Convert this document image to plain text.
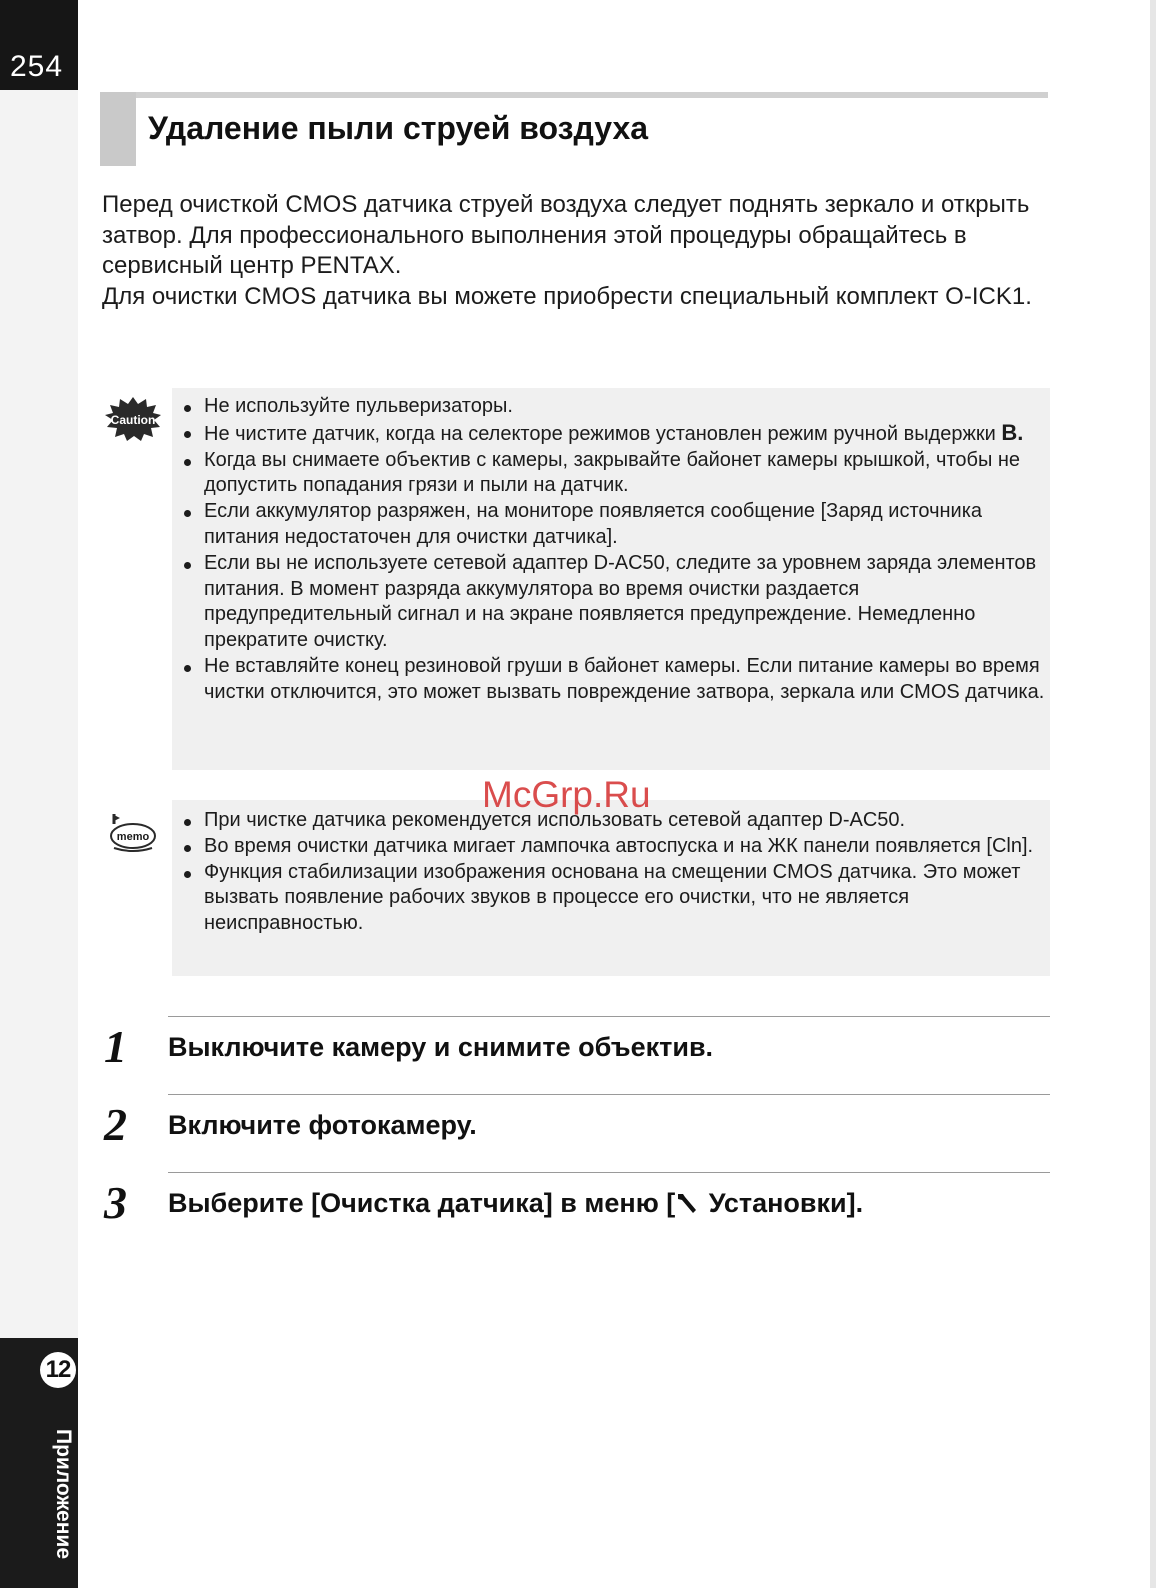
254
Удаление пыли струей воздуха

Перед очисткой CMOS датчика струей воздуха следует поднять зеркало и открыть затвор. Для профессионального выполнения этой процедуры обращайтесь в сервисный центр PENTAX.

Для очистки CMOS датчика вы можете приобрести специальный комплект O-ICK1.

Caution
Не используйте пульверизаторы.
Не чистите датчик, когда на селекторе режимов установлен режим ручной выдержки B.
Когда вы снимаете объектив с камеры, закрывайте байонет камеры крышкой, чтобы не допустить попадания грязи и пыли на датчик.
Если аккумулятор разряжен, на мониторе появляется сообщение [Заряд источника питания недостаточен для очистки датчика].
Если вы не используете сетевой адаптер D-AC50, следите за уровнем заряда элементов питания. В момент разряда аккумулятора во время очистки раздается предупредительный сигнал и на экране появляется предупреждение. Немедленно прекратите очистку.
Не вставляйте конец резиновой груши в байонет камеры. Если питание камеры во время чистки отключится, это может вызвать повреждение затвора, зеркала или CMOS датчика.
memo
При чистке датчика рекомендуется использовать сетевой адаптер D-AC50.
Во время очистки датчика мигает лампочка автоспуска и на ЖК панели появляется [Cln].
Функция стабилизации изображения основана на смещении CMOS датчика. Это может вызвать появление рабочих звуков в процессе его очистки, что не является неисправностью.
McGrp.Ru
1 Выключите камеру и снимите объектив.
2 Включите фотокамеру.
3 Выберите [Очистка датчика] в меню [ Установки].
12
Приложение
